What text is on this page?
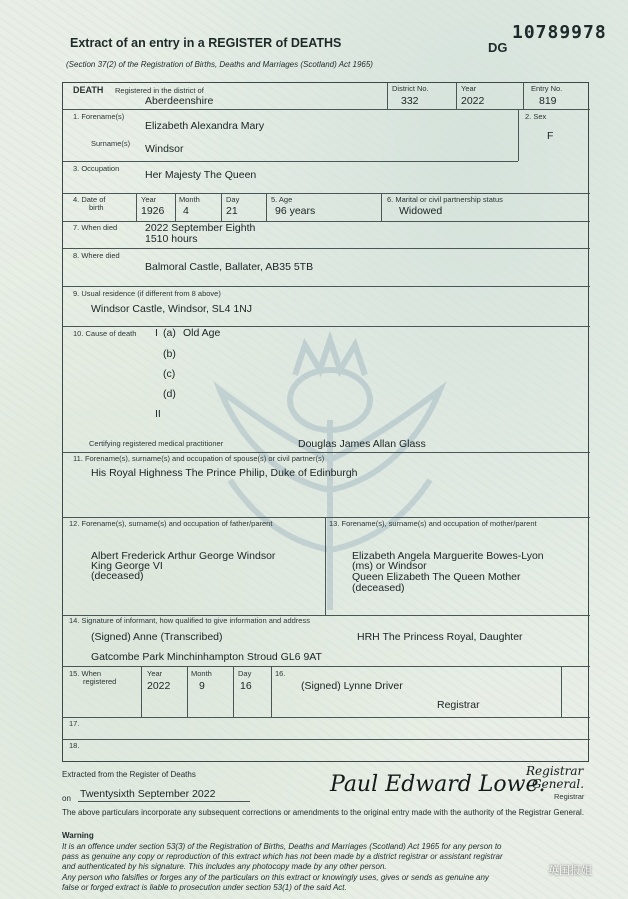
Extract of an entry in a REGISTER of DEATHS
(Section 37(2) of the Registration of Births, Deaths and Marriages (Scotland) Act 1965)
10789978
DG
DEATH Registered in the district of
Aberdeenshire
District No.
332
Year
2022
Entry No.
819
1. Forename(s)
Elizabeth Alexandra Mary
Surname(s) Windsor
2. Sex
F
3. Occupation
Her Majesty The Queen
4. Date of
birth
Year
1926
Month
4
Day
21
5. Age
96 years
6. Marital or civil partnership status
Widowed
7. When died	2022 September Eighth
1510 hours
8. Where died
Balmoral Castle, Ballater, AB35 5TB
9. Usual residence (if different from 8 above)
Windsor Castle, Windsor, SL4 1NJ
10. Cause of death I (a) Old Age
(b)
(c)
(d)
II
Certifying registered medical practitioner	Douglas James Allan Glass
11. Forename(s), surname(s) and occupation of spouse(s) or civil partner(s)
His Royal Highness The Prince Philip, Duke of Edinburgh
12. Forename(s), surname(s) and occupation of father/parent
Albert Frederick Arthur George Windsor
King George VI
(deceased)
13. Forename(s), surname(s) and occupation of mother/parent
Elizabeth Angela Marguerite Bowes-Lyon
(ms) or Windsor
Queen Elizabeth The Queen Mother
(deceased)
14. Signature of informant, how qualified to give information and address
(Signed) Anne (Transcribed)	HRH The Princess Royal, Daughter
Gatcombe Park Minchinhampton Stroud GL6 9AT
15. When
registered
Year
2022
Month
9
Day
16
16.
(Signed) Lynne Driver
Registrar
17.
18.
Extracted from the Register of Deaths
on Twentysixth September 2022	Paul Edward Lowe.
Registrar
General.
Registrar
The above particulars incorporate any subsequent corrections or amendments to the original entry made with the authority of the Registrar General.
Warning
It is an offence under section 53(3) of the Registration of Births, Deaths and Marriages (Scotland) Act 1965 for any person to
pass as genuine any copy or reproduction of this extract which has not been made by a district registrar or assistant registrar
and authenticated by his signature. This includes any photocopy made by any other person.
Any person who falsifies or forges any of the particulars on this extract or knowingly uses, gives or sends as genuine any
false or forged extract is liable to prosecution under section 53(1) of the said Act.
英国报姐
